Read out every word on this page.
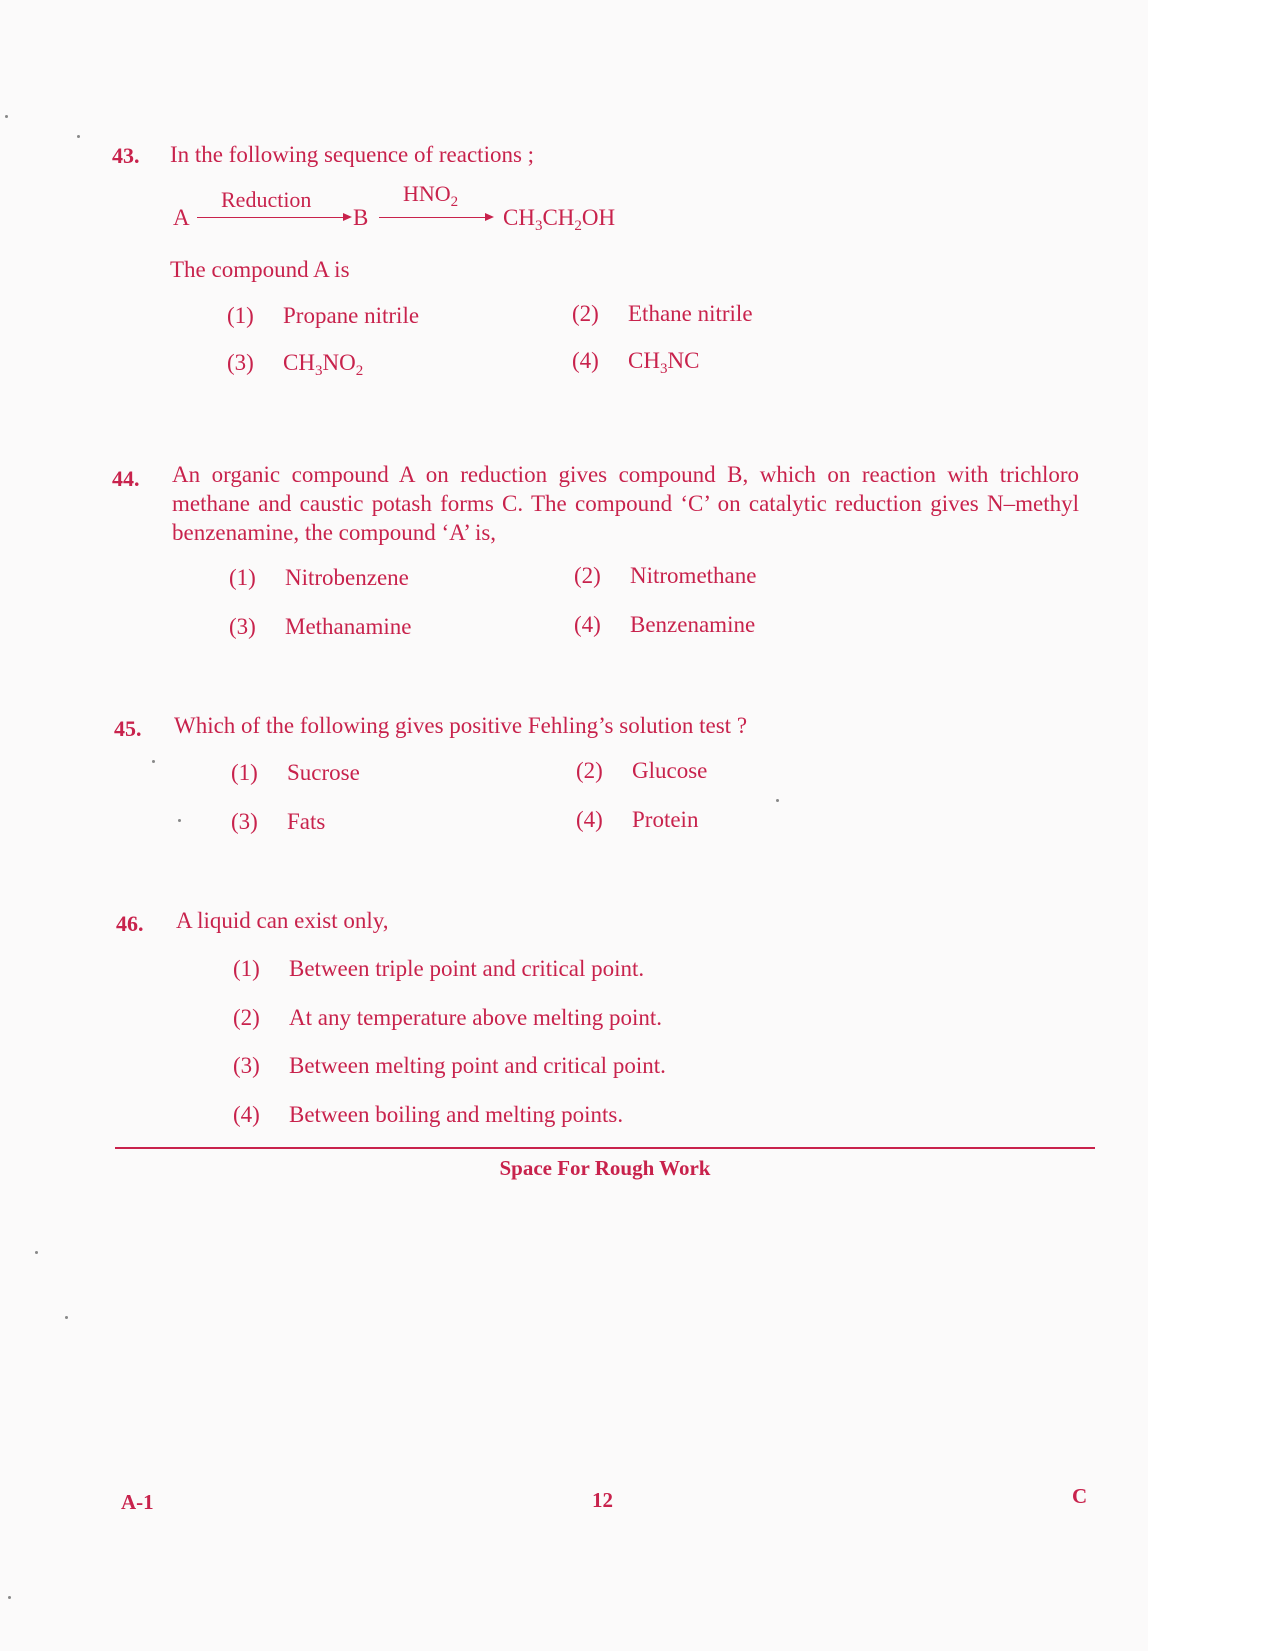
43. In the following sequence of reactions ;
A
Reduction
B
$HNO_2$
$CH_3CH_2OH$
The compound A is
(1) Propane nitrile	(2) Ethane nitrile
(3) $CH_3NO_2$	(4) $CH_3NC$
44. An organic compound A on reduction gives compound B, which on reaction with trichloro methane and caustic potash forms C. The compound ‘C’ on catalytic reduction gives N–methyl benzenamine, the compound ‘A’ is,
(1) Nitrobenzene	(2) Nitromethane
(3) Methanamine	(4) Benzenamine
45. Which of the following gives positive Fehling’s solution test ?
(1) Sucrose	(2) Glucose
(3) Fats	(4) Protein
46. A liquid can exist only,
(1) Between triple point and critical point.
(2) At any temperature above melting point.
(3) Between melting point and critical point.
(4) Between boiling and melting points.
Space For Rough Work
A-1	12	C
